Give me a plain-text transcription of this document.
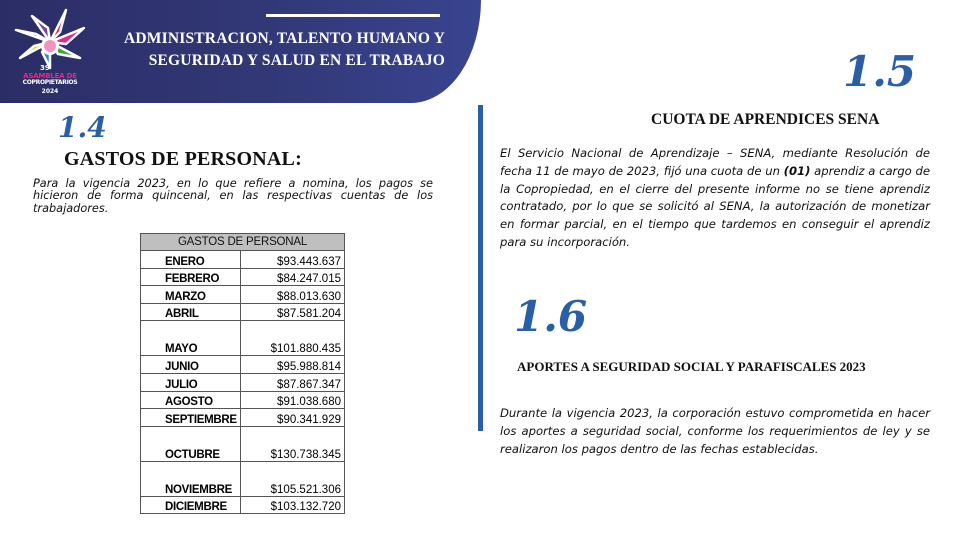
ADMINISTRACION, TALENTO HUMANO Y
SEGURIDAD Y SALUD EN EL TRABAJO
39
ASAMBLEA DE
COPROPIETARIOS
2024
1.4
GASTOS DE PERSONAL:
Para la vigencia 2023, en lo que refiere a nomina, los pagos se hicieron de forma quincenal, en las respectivas cuentas de los trabajadores.
GASTOS DE PERSONAL	
ENERO	$93.443.637
FEBRERO	$84.247.015
MARZO	$88.013.630
ABRIL	$87.581.204
MAYO	$101.880.435
JUNIO	$95.988.814
JULIO	$87.867.347
AGOSTO	$91.038.680
SEPTIEMBRE	$90.341.929
OCTUBRE	$130.738.345
NOVIEMBRE	$105.521.306
DICIEMBRE	$103.132.720
1.5
CUOTA DE APRENDICES SENA
El Servicio Nacional de Aprendizaje – SENA, mediante Resolución de fecha 11 de mayo de 2023, fijó una cuota de un (01) aprendiz a cargo de la Copropiedad, en el cierre del presente informe no se tiene aprendiz contratado, por lo que se solicitó al SENA, la autorización de monetizar en formar parcial, en el tiempo que tardemos en conseguir el aprendiz para su incorporación.
1.6
APORTES A SEGURIDAD SOCIAL Y PARAFISCALES 2023
Durante la vigencia 2023, la corporación estuvo comprometida en hacer los aportes a seguridad social, conforme los requerimientos de ley y se realizaron los pagos dentro de las fechas establecidas.
